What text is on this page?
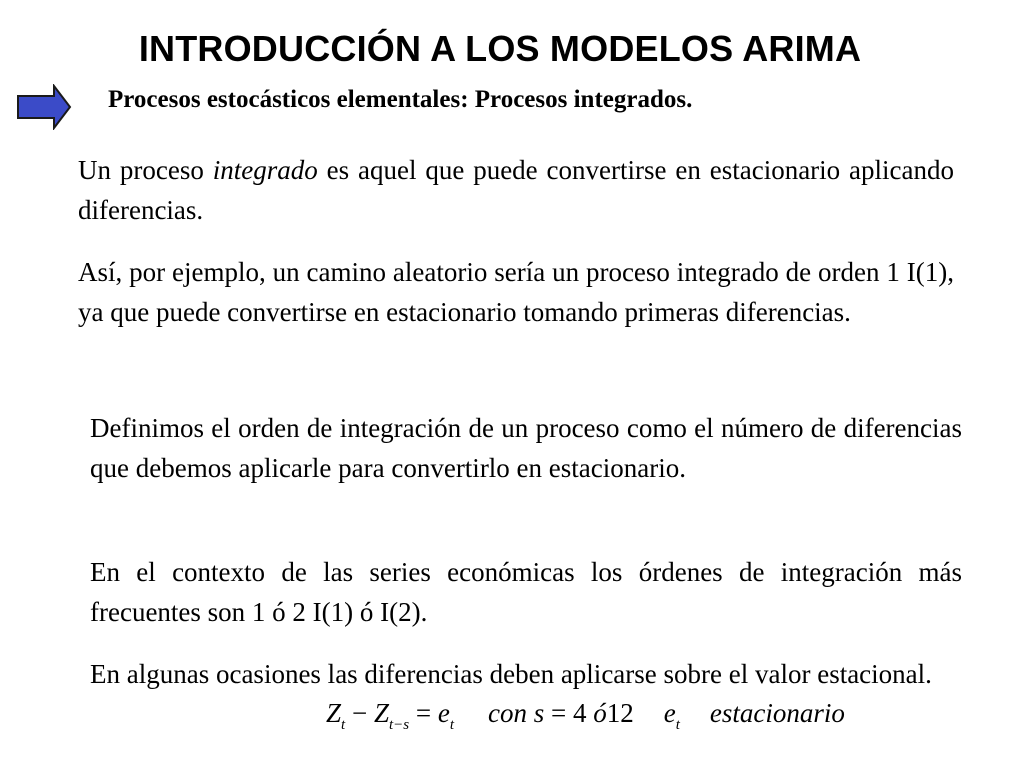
INTRODUCCIÓN A LOS MODELOS ARIMA
Procesos estocásticos elementales: Procesos integrados.
Un proceso integrado es aquel que puede convertirse en estacionario aplicando diferencias.
Así, por ejemplo, un camino aleatorio sería un proceso integrado de orden 1 I(1), ya que puede convertirse en estacionario tomando primeras diferencias.
Definimos el orden de integración de un proceso como el número de diferencias que debemos aplicarle para convertirlo en estacionario.
En el contexto de las series económicas los órdenes de integración más frecuentes son 1 ó 2 I(1) ó I(2).
En algunas ocasiones las diferencias deben aplicarse sobre el valor estacional.
$Z_t - Z_{t-s} = e_t$ con s = 4 ó12 $e_t$ estacionario
